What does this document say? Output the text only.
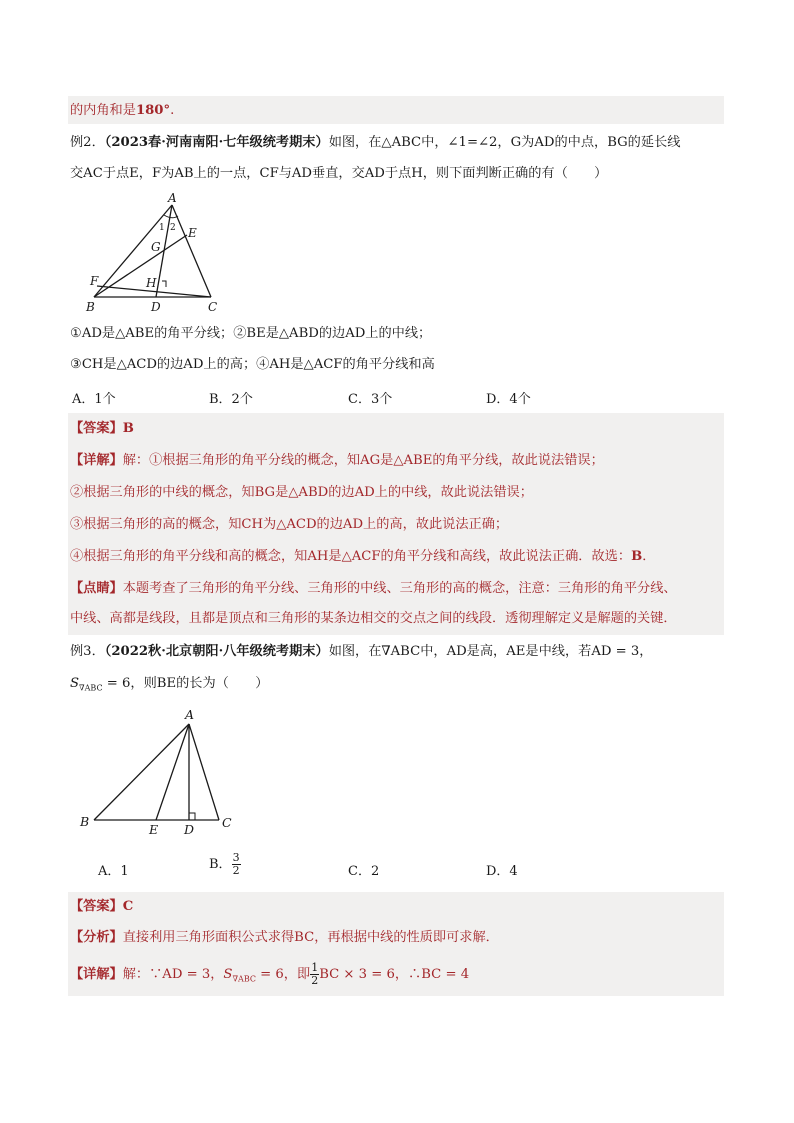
的内角和是180°.
例2．（2023春·河南南阳·七年级统考期末）如图，在△ABC中，∠1=∠2，G为AD的中点，BG的延长线
交AC于点E，F为AB上的一点，CF与AD垂直，交AD于点H，则下面判断正确的有（　　）
A
B	C
D
E
F
G
H
1 2
①AD是△ABE的角平分线；②BE是△ABD的边AD上的中线；
③CH是△ACD的边AD上的高；④AH是△ACF的角平分线和高
A．1个	B．2个	C．3个	D．4个
【答案】B
【详解】解：①根据三角形的角平分线的概念，知AG是△ABE的角平分线，故此说法错误；
②根据三角形的中线的概念，知BG是△ABD的边AD上的中线，故此说法错误；
③根据三角形的高的概念，知CH为△ACD的边AD上的高，故此说法正确；
④根据三角形的角平分线和高的概念，知AH是△ACF的角平分线和高线，故此说法正确．故选：B．
【点睛】本题考查了三角形的角平分线、三角形的中线、三角形的高的概念，注意：三角形的角平分线、
中线、高都是线段，且都是顶点和三角形的某条边相交的交点之间的线段．透彻理解定义是解题的关键．
例3．（2022秋·北京朝阳·八年级统考期末）如图，在∇ABC中，AD是高，AE是中线，若AD = 3，
$S_{\nabla ABC} = 6$，则BE的长为（　　）
A
B	C
D
E
A．1	B． $\frac{3}{2}$	C．2	D．4
【答案】C
【分析】直接利用三角形面积公式求得BC，再根据中线的性质即可求解．
【详解】解：∵AD = 3，$S_{\nabla ABC} = 6$，即 $\frac{1}{2}$ BC × 3 = 6，∴BC = 4
